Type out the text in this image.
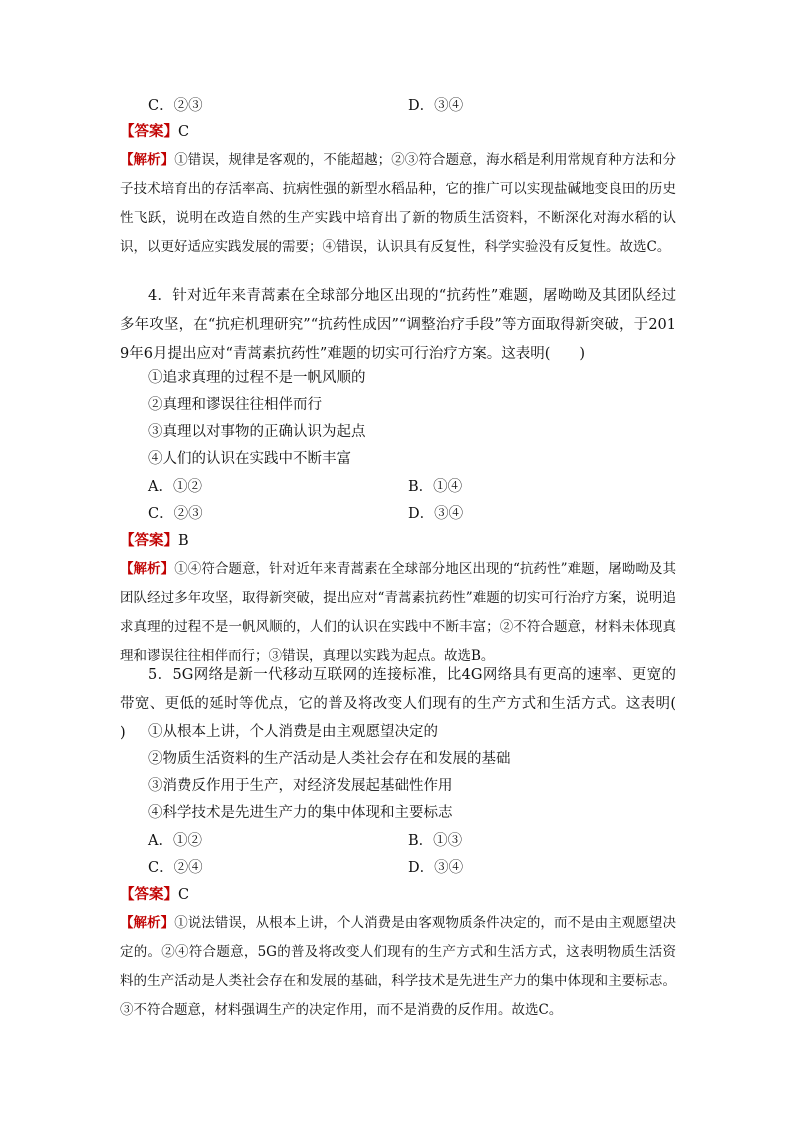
C．②③	D．③④
【答案】C
【解析】①错误，规律是客观的，不能超越；②③符合题意，海水稻是利用常规育种方法和分子技术培育出的存活率高、抗病性强的新型水稻品种，它的推广可以实现盐碱地变良田的历史性飞跃，说明在改造自然的生产实践中培育出了新的物质生活资料，不断深化对海水稻的认识，以更好适应实践发展的需要；④错误，认识具有反复性，科学实验没有反复性。故选C。
4．针对近年来青蒿素在全球部分地区出现的“抗药性”难题，屠呦呦及其团队经过多年攻坚，在“抗疟机理研究”“抗药性成因”“调整治疗手段”等方面取得新突破，于2019年6月提出应对“青蒿素抗药性”难题的切实可行治疗方案。这表明(　　)
①追求真理的过程不是一帆风顺的
②真理和谬误往往相伴而行
③真理以对事物的正确认识为起点
④人们的认识在实践中不断丰富
A．①②	B．①④
C．②③	D．③④
【答案】B
【解析】①④符合题意，针对近年来青蒿素在全球部分地区出现的“抗药性”难题，屠呦呦及其团队经过多年攻坚，取得新突破，提出应对“青蒿素抗药性”难题的切实可行治疗方案，说明追求真理的过程不是一帆风顺的，人们的认识在实践中不断丰富；②不符合题意，材料未体现真理和谬误往往相伴而行；③错误，真理以实践为起点。故选B。
5．5G网络是新一代移动互联网的连接标准，比4G网络具有更高的速率、更宽的带宽、更低的延时等优点，它的普及将改变人们现有的生产方式和生活方式。这表明(　　)	①从根本上讲，个人消费是由主观愿望决定的
②物质生活资料的生产活动是人类社会存在和发展的基础
③消费反作用于生产，对经济发展起基础性作用
④科学技术是先进生产力的集中体现和主要标志
A．①②	B．①③
C．②④	D．③④
【答案】C
【解析】①说法错误，从根本上讲，个人消费是由客观物质条件决定的，而不是由主观愿望决定的。②④符合题意，5G的普及将改变人们现有的生产方式和生活方式，这表明物质生活资料的生产活动是人类社会存在和发展的基础，科学技术是先进生产力的集中体现和主要标志。③不符合题意，材料强调生产的决定作用，而不是消费的反作用。故选C。
